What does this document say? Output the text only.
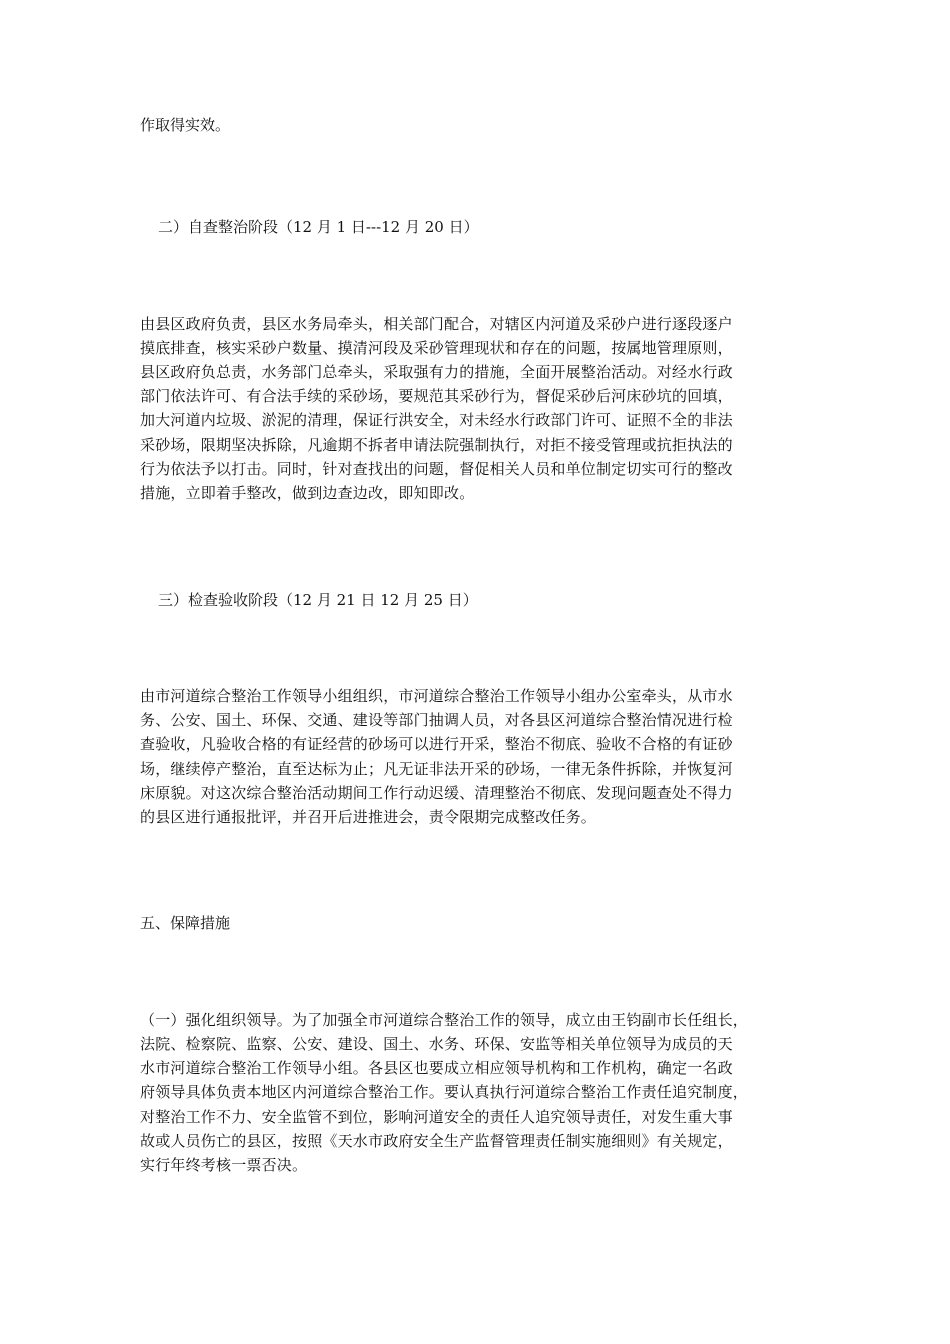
作取得实效。
二）自查整治阶段（12 月 1 日---12 月 20 日）
由县区政府负责，县区水务局牵头，相关部门配合，对辖区内河道及采砂户进行逐段逐户
摸底排查，核实采砂户数量、摸清河段及采砂管理现状和存在的问题，按属地管理原则，
县区政府负总责，水务部门总牵头，采取强有力的措施，全面开展整治活动。对经水行政
部门依法许可、有合法手续的采砂场，要规范其采砂行为，督促采砂后河床砂坑的回填，
加大河道内垃圾、淤泥的清理，保证行洪安全，对未经水行政部门许可、证照不全的非法
采砂场，限期坚决拆除，凡逾期不拆者申请法院强制执行，对拒不接受管理或抗拒执法的
行为依法予以打击。同时，针对查找出的问题，督促相关人员和单位制定切实可行的整改
措施，立即着手整改，做到边查边改，即知即改。
三）检查验收阶段（12 月 21 日 12 月 25 日）
由市河道综合整治工作领导小组组织，市河道综合整治工作领导小组办公室牵头，从市水
务、公安、国土、环保、交通、建设等部门抽调人员，对各县区河道综合整治情况进行检
查验收，凡验收合格的有证经营的砂场可以进行开采，整治不彻底、验收不合格的有证砂
场，继续停产整治，直至达标为止；凡无证非法开采的砂场，一律无条件拆除，并恢复河
床原貌。对这次综合整治活动期间工作行动迟缓、清理整治不彻底、发现问题查处不得力
的县区进行通报批评，并召开后进推进会，责令限期完成整改任务。
五、保障措施
（一）强化组织领导。为了加强全市河道综合整治工作的领导，成立由王钧副市长任组长，
法院、检察院、监察、公安、建设、国土、水务、环保、安监等相关单位领导为成员的天
水市河道综合整治工作领导小组。各县区也要成立相应领导机构和工作机构，确定一名政
府领导具体负责本地区内河道综合整治工作。要认真执行河道综合整治工作责任追究制度，
对整治工作不力、安全监管不到位，影响河道安全的责任人追究领导责任，对发生重大事
故或人员伤亡的县区，按照《天水市政府安全生产监督管理责任制实施细则》有关规定，
实行年终考核一票否决。
